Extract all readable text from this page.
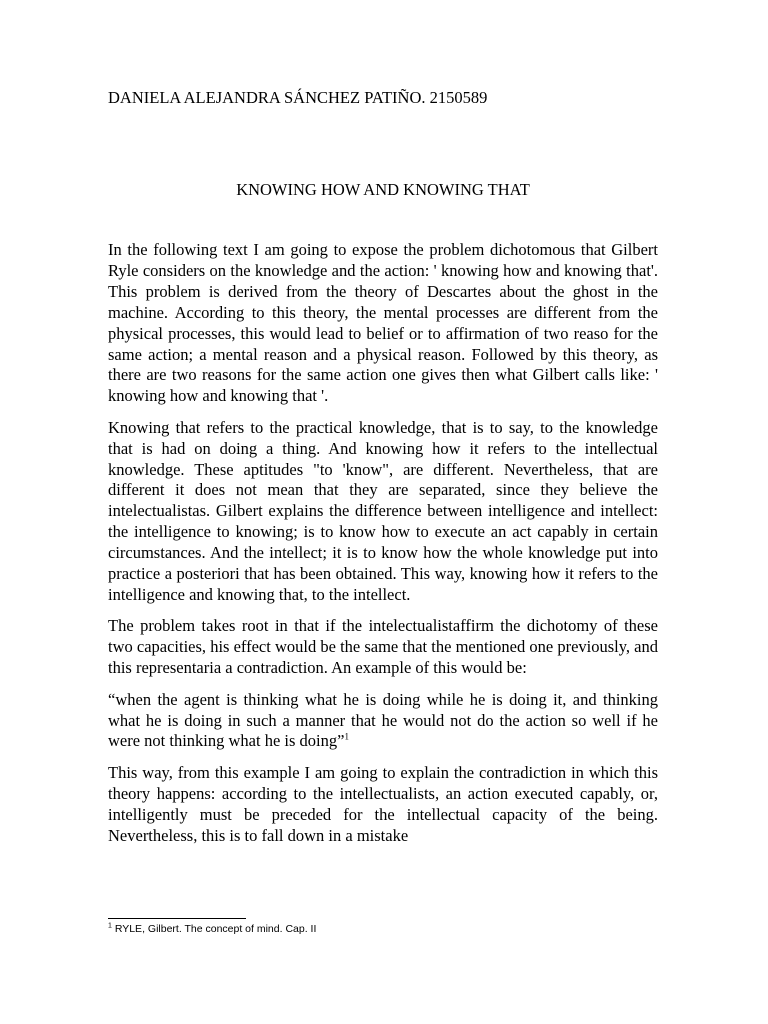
DANIELA ALEJANDRA SÁNCHEZ PATIÑO. 2150589

KNOWING HOW AND KNOWING THAT

In the following text I am going to expose the problem dichotomous that Gilbert Ryle considers on the knowledge and the action: ' knowing how and knowing that'. This problem is derived from the theory of Descartes about the ghost in the machine. According to this theory, the mental processes are different from the physical processes, this would lead to belief or to affirmation of two reaso for the same action; a mental reason and a physical reason. Followed by this theory, as there are two reasons for the same action one gives then what Gilbert calls like: ' knowing how and knowing that '.

Knowing that refers to the practical knowledge, that is to say, to the knowledge that is had on doing a thing. And knowing how it refers to the intellectual knowledge. These aptitudes "to 'know", are different. Nevertheless, that are different it does not mean that they are separated, since they believe the intelectualistas. Gilbert explains the difference between intelligence and intellect: the intelligence to knowing; is to know how to execute an act capably in certain circumstances. And the intellect; it is to know how the whole knowledge put into practice a posteriori that has been obtained. This way, knowing how it refers to the intelligence and knowing that, to the intellect.

The problem takes root in that if the intelectualistaffirm the dichotomy of these two capacities, his effect would be the same that the mentioned one previously, and this representaria a contradiction. An example of this would be:

“when the agent is thinking what he is doing while he is doing it, and thinking what he is doing in such a manner that he would not do the action so well if he were not thinking what he is doing”$^1$

This way, from this example I am going to explain the contradiction in which this theory happens: according to the intellectualists, an action executed capably, or, intelligently must be preceded for the intellectual capacity of the being. Nevertheless, this is to fall down in a mistake

$^1$ RYLE, Gilbert. The concept of mind. Cap. II
